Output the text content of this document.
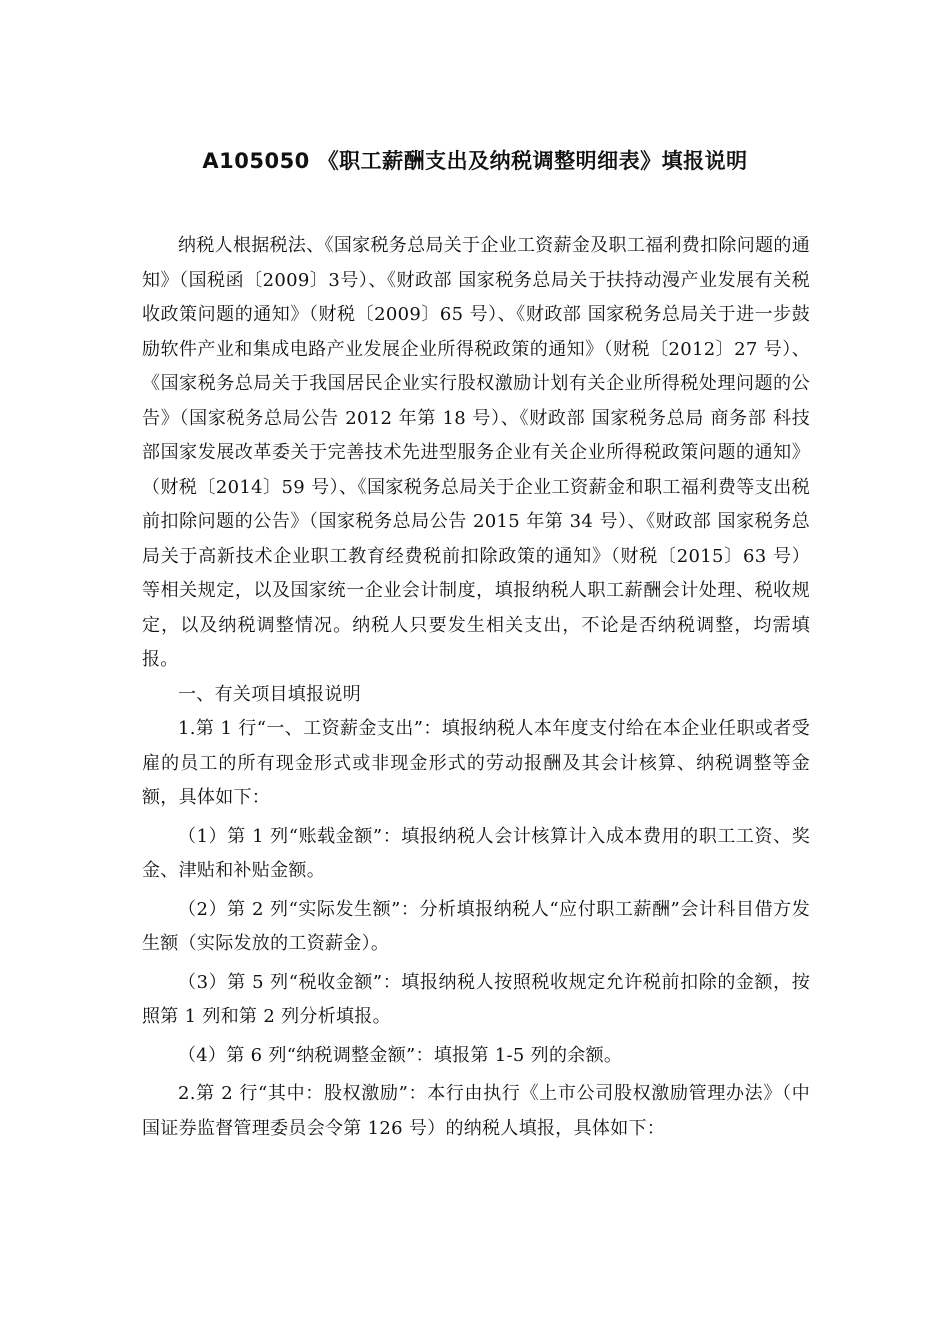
A105050 《职工薪酬支出及纳税调整明细表》填报说明

纳税人根据税法、《国家税务总局关于企业工资薪金及职工福利费扣除问题的通知》（国税函〔2009〕3号）、《财政部 国家税务总局关于扶持动漫产业发展有关税收政策问题的通知》（财税〔2009〕65 号）、《财政部 国家税务总局关于进一步鼓励软件产业和集成电路产业发展企业所得税政策的通知》（财税〔2012〕27 号）、《国家税务总局关于我国居民企业实行股权激励计划有关企业所得税处理问题的公告》（国家税务总局公告 2012 年第 18 号）、《财政部 国家税务总局 商务部 科技部国家发展改革委关于完善技术先进型服务企业有关企业所得税政策问题的通知》（财税〔2014〕59 号）、《国家税务总局关于企业工资薪金和职工福利费等支出税前扣除问题的公告》（国家税务总局公告 2015 年第 34 号）、《财政部 国家税务总局关于高新技术企业职工教育经费税前扣除政策的通知》（财税〔2015〕63 号）等相关规定，以及国家统一企业会计制度，填报纳税人职工薪酬会计处理、税收规定，以及纳税调整情况。纳税人只要发生相关支出，不论是否纳税调整，均需填报。

一、有关项目填报说明

1.第 1 行“一、工资薪金支出”：填报纳税人本年度支付给在本企业任职或者受雇的员工的所有现金形式或非现金形式的劳动报酬及其会计核算、纳税调整等金额，具体如下：

（1）第 1 列“账载金额”：填报纳税人会计核算计入成本费用的职工工资、奖金、津贴和补贴金额。

（2）第 2 列“实际发生额”：分析填报纳税人“应付职工薪酬”会计科目借方发生额（实际发放的工资薪金）。

（3）第 5 列“税收金额”：填报纳税人按照税收规定允许税前扣除的金额，按照第 1 列和第 2 列分析填报。

（4）第 6 列“纳税调整金额”：填报第 1-5 列的余额。

2.第 2 行“其中：股权激励”：本行由执行《上市公司股权激励管理办法》（中国证券监督管理委员会令第 126 号）的纳税人填报，具体如下：
